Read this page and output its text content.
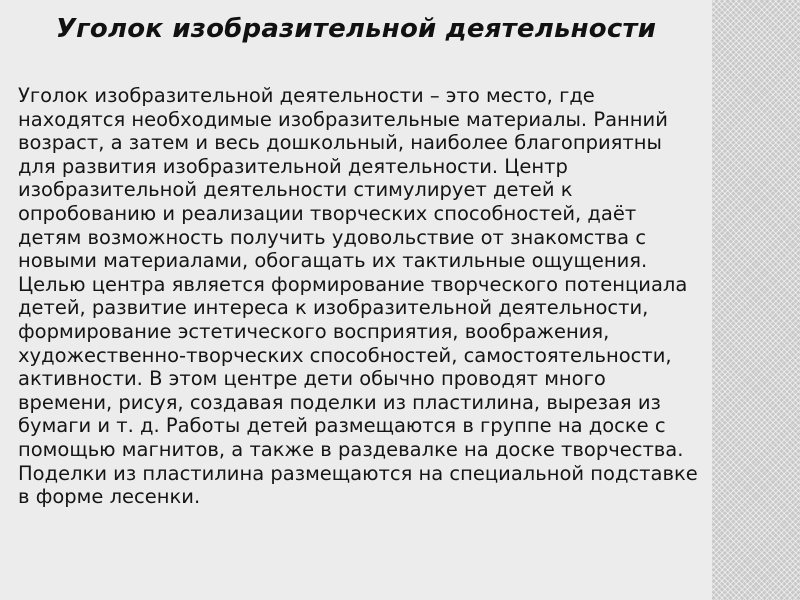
Уголок изобразительной деятельности

Уголок изобразительной деятельности – это место, где находятся необходимые изобразительные материалы. Ранний возраст, а затем и весь дошкольный, наиболее благоприятны для развития изобразительной деятельности. Центр изобразительной деятельности стимулирует детей к опробованию и реализации творческих способностей, даёт детям возможность получить удовольствие от знакомства с новыми материалами, обогащать их тактильные ощущения. Целью центра является формирование творческого потенциала детей, развитие интереса к изобразительной деятельности, формирование эстетического восприятия, воображения, художественно-творческих способностей, самостоятельности, активности. В этом центре дети обычно проводят много времени, рисуя, создавая поделки из пластилина, вырезая из бумаги и т. д. Работы детей размещаются в группе на доске с помощью магнитов, а также в раздевалке на доске творчества. Поделки из пластилина размещаются на специальной подставке в форме лесенки.
